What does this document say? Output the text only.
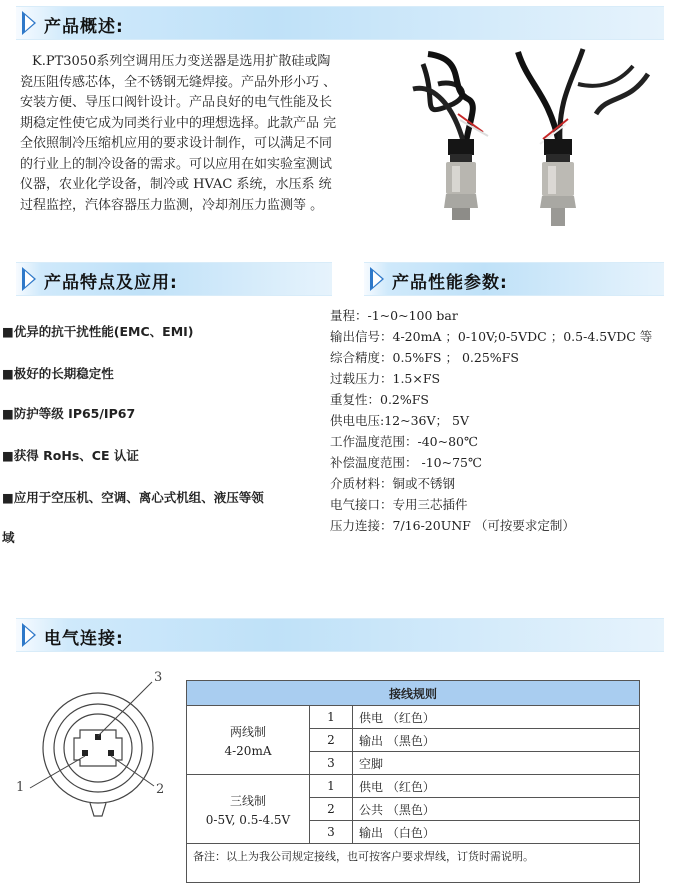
产品概述:
产品特点及应用:	产品性能参数:
电气连接:
K.PT3050系列空调用压力变送器是选用扩散硅或陶
瓷压阻传感芯体，全不锈钢无缝焊接。产品外形小巧 、
安装方便、导压口阀针设计。产品良好的电气性能及长
期稳定性使它成为同类行业中的理想选择。此款产品 完
全依照制冷压缩机应用的要求设计制作，可以满足不同
的行业上的制冷设备的需求。可以应用在如实验室测试
仪器，农业化学设备，制冷或 HVAC 系统，水压系 统
过程监控，汽体容器压力监测，冷却剂压力监测等 。
■优异的抗干扰性能(EMC、EMI)
■极好的长期稳定性
■防护等级 IP65/IP67
■获得 RoHs、CE 认证
■应用于空压机、空调、离心式机组、液压等领
域
量程：-1~0~100 bar
输出信号：4-20mA ；0-10V;0-5VDC ；0.5-4.5VDC 等
综合精度：0.5%FS ； 0.25%FS
过载压力：1.5×FS
重复性：0.2%FS
供电电压:12~36V； 5V
工作温度范围：-40~80℃
补偿温度范围： -10~75℃
介质材料：铜或不锈钢
电气接口：专用三芯插件
压力连接：7/16-20UNF （可按要求定制）
3
1	2
接线规则		

两线制
4-20mA	1	供电 （红色）
	2	输出 （黑色）
	3	空脚

三线制
0-5V, 0.5-4.5V	1	供电 （红色）
	2	公共 （黑色）
	3	输出 （白色）
备注：以上为我公司规定接线，也可按客户要求焊线，订货时需说明。		
